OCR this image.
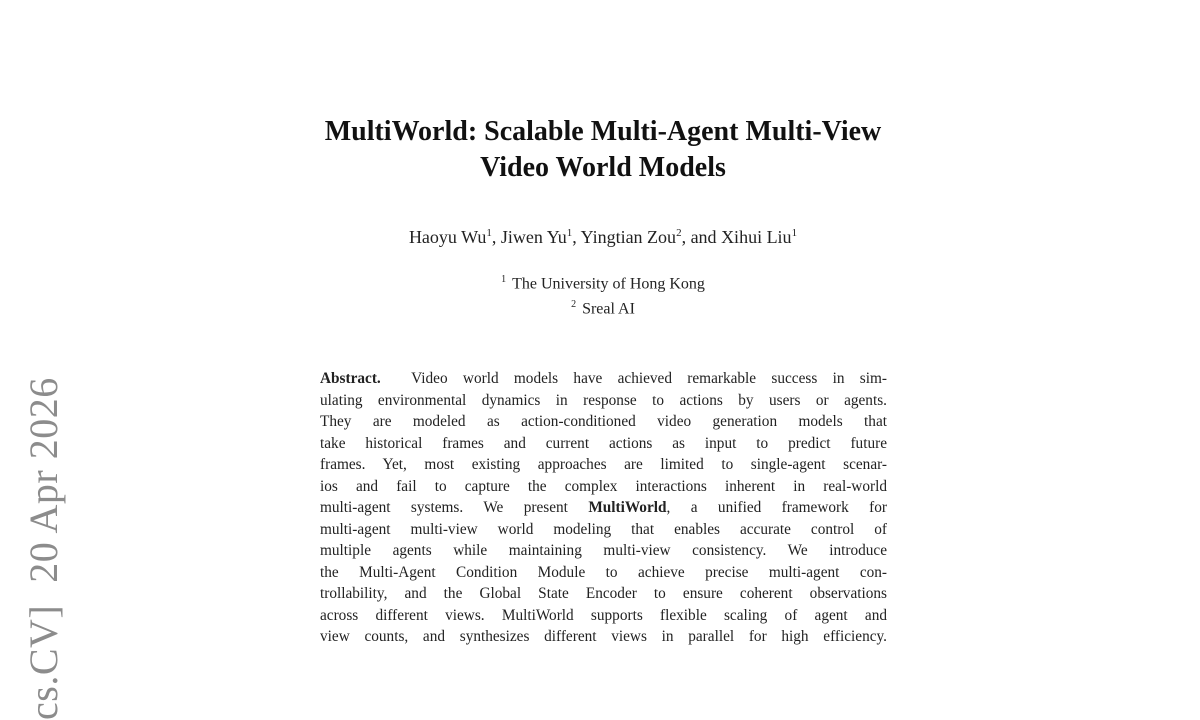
cs.CV]20 Apr 2026
MultiWorld: Scalable Multi-Agent Multi-View
Video World Models
Haoyu Wu$^1$, Jiwen Yu$^1$, Yingtian Zou$^2$, and Xihui Liu$^1$
$^1$ The University of Hong Kong
$^2$ Sreal AI
Abstract. Video world models have achieved remarkable success in sim-
ulating environmental dynamics in response to actions by users or agents.
They are modeled as action-conditioned video generation models that
take historical frames and current actions as input to predict future
frames. Yet, most existing approaches are limited to single-agent scenar-
ios and fail to capture the complex interactions inherent in real-world
multi-agent systems. We present MultiWorld, a unified framework for
multi-agent multi-view world modeling that enables accurate control of
multiple agents while maintaining multi-view consistency. We introduce
the Multi-Agent Condition Module to achieve precise multi-agent con-
trollability, and the Global State Encoder to ensure coherent observations
across different views. MultiWorld supports flexible scaling of agent and
view counts, and synthesizes different views in parallel for high efficiency.
